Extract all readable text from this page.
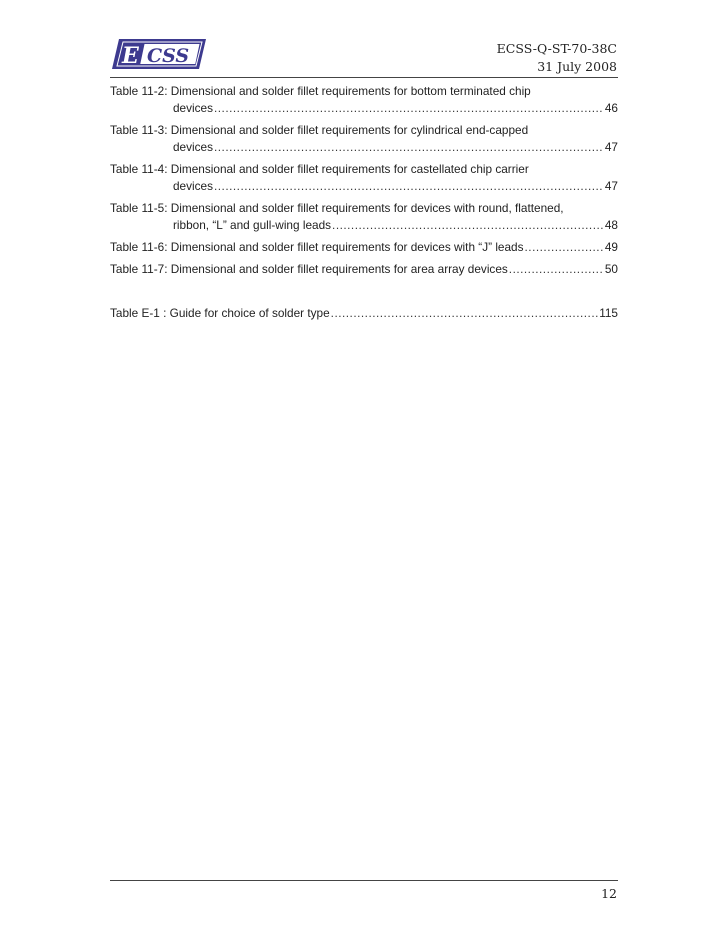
E CSS	ECSS-Q-ST-70-38C
31 July 2008
Table 11-2: Dimensional and solder fillet requirements for bottom terminated chip
devices .....	46
Table 11-3: Dimensional and solder fillet requirements for cylindrical end-capped
devices .....	47
Table 11-4: Dimensional and solder fillet requirements for castellated chip carrier
devices .....	47
Table 11-5: Dimensional and solder fillet requirements for devices with round, flattened,
ribbon, “L” and gull-wing leads .....	48
Table 11-6: Dimensional and solder fillet requirements for devices with “J” leads .....	49
Table 11-7: Dimensional and solder fillet requirements for area array devices .....	50
Table E-1 : Guide for choice of solder type .....	115
12
